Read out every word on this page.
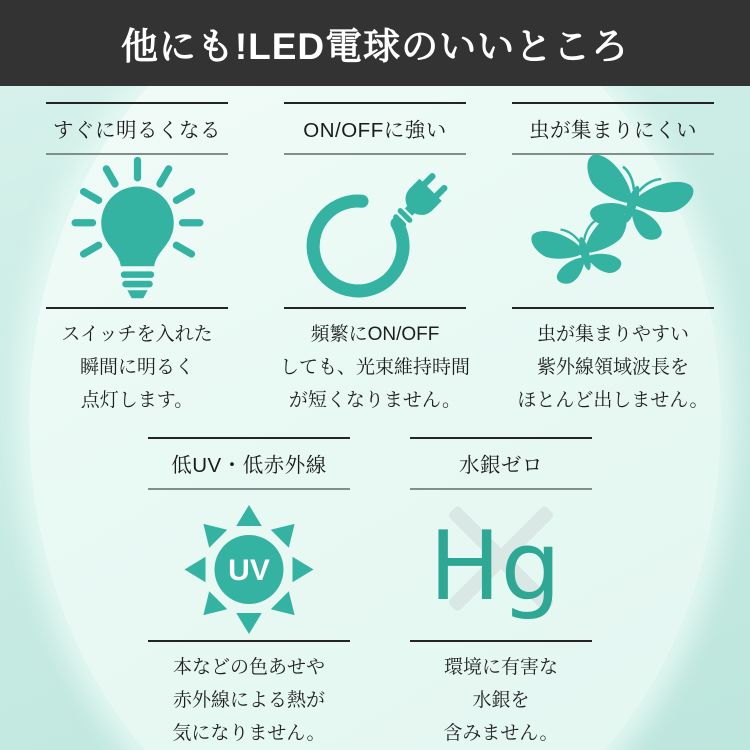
他にも!LED電球のいいところ
すぐに明るくなる
スイッチを入れた
瞬間に明るく
点灯します。
ON/OFFに強い
頻繁にON/OFF
しても、光束維持時間
が短くなりません。
虫が集まりにくい
虫が集まりやすい
紫外線領域波長を
ほとんど出しません。
低UV・低赤外線
UV
本などの色あせや
赤外線による熱が
気になりません。
水銀ゼロ
Hg
環境に有害な
水銀を
含みません。
